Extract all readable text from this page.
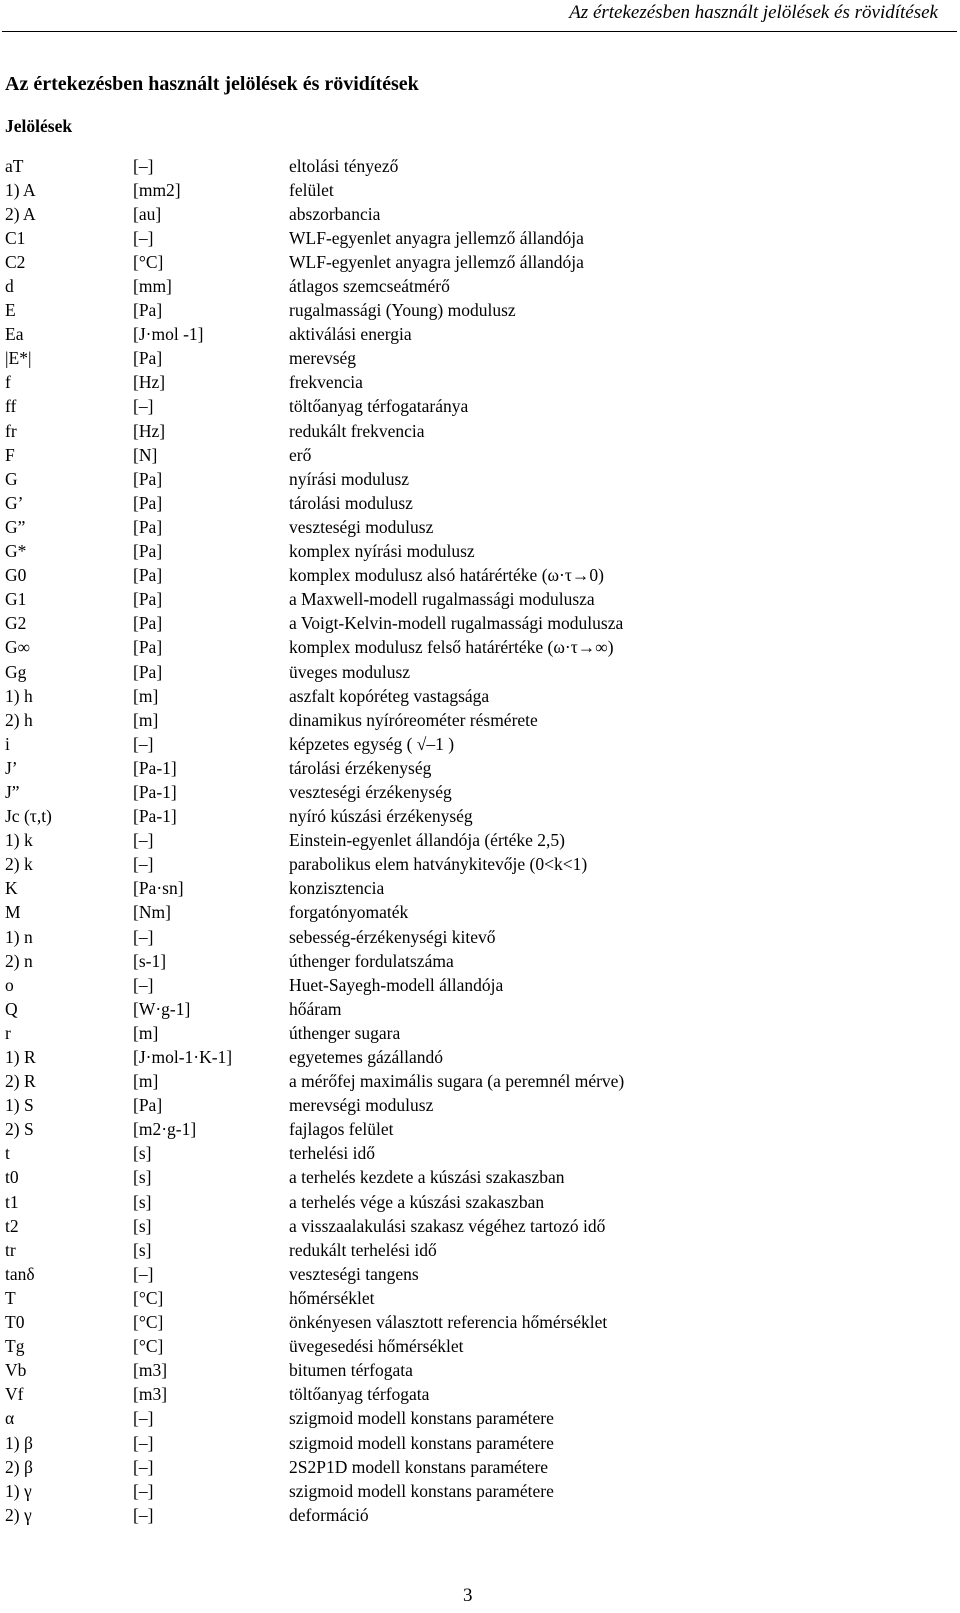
Az értekezésben használt jelölések és rövidítések
Az értekezésben használt jelölések és rövidítések
Jelölések
aT	[–]	eltolási tényező
1) A	[mm2]	felület
2) A	[au]	abszorbancia
C1	[–]	WLF-egyenlet anyagra jellemző állandója
C2	[°C]	WLF-egyenlet anyagra jellemző állandója
d	[mm]	átlagos szemcseátmérő
E	[Pa]	rugalmassági (Young) modulusz
Ea	[J·mol -1]	aktiválási energia
|E*|	[Pa]	merevség
f	[Hz]	frekvencia
ff	[–]	töltőanyag térfogataránya
fr	[Hz]	redukált frekvencia
F	[N]	erő
G	[Pa]	nyírási modulusz
G’	[Pa]	tárolási modulusz
G”	[Pa]	veszteségi modulusz
G*	[Pa]	komplex nyírási modulusz
G0	[Pa]	komplex modulusz alsó határértéke (ω·τ→0)
G1	[Pa]	a Maxwell-modell rugalmassági modulusza
G2	[Pa]	a Voigt-Kelvin-modell rugalmassági modulusza
G∞	[Pa]	komplex modulusz felső határértéke (ω·τ→∞)
Gg	[Pa]	üveges modulusz
1) h	[m]	aszfalt kopóréteg vastagsága
2) h	[m]	dinamikus nyíróreométer résmérete
i	[–]	képzetes egység ( √–1 )
J’	[Pa-1]	tárolási érzékenység
J”	[Pa-1]	veszteségi érzékenység
Jc (τ,t)	[Pa-1]	nyíró kúszási érzékenység
1) k	[–]	Einstein-egyenlet állandója (értéke 2,5)
2) k	[–]	parabolikus elem hatványkitevője (0<k<1)
K	[Pa·sn]	konzisztencia
M	[Nm]	forgatónyomaték
1) n	[–]	sebesség-érzékenységi kitevő
2) n	[s-1]	úthenger fordulatszáma
o	[–]	Huet-Sayegh-modell állandója
Q	[W·g-1]	hőáram
r	[m]	úthenger sugara
1) R	[J·mol-1·K-1]	egyetemes gázállandó
2) R	[m]	a mérőfej maximális sugara (a peremnél mérve)
1) S	[Pa]	merevségi modulusz
2) S	[m2·g-1]	fajlagos felület
t	[s]	terhelési idő
t0	[s]	a terhelés kezdete a kúszási szakaszban
t1	[s]	a terhelés vége a kúszási szakaszban
t2	[s]	a visszaalakulási szakasz végéhez tartozó idő
tr	[s]	redukált terhelési idő
tanδ	[–]	veszteségi tangens
T	[°C]	hőmérséklet
T0	[°C]	önkényesen választott referencia hőmérséklet
Tg	[°C]	üvegesedési hőmérséklet
Vb	[m3]	bitumen térfogata
Vf	[m3]	töltőanyag térfogata
α	[–]	szigmoid modell konstans paramétere
1) β	[–]	szigmoid modell konstans paramétere
2) β	[–]	2S2P1D modell konstans paramétere
1) γ	[–]	szigmoid modell konstans paramétere
2) γ	[–]	deformáció
3
